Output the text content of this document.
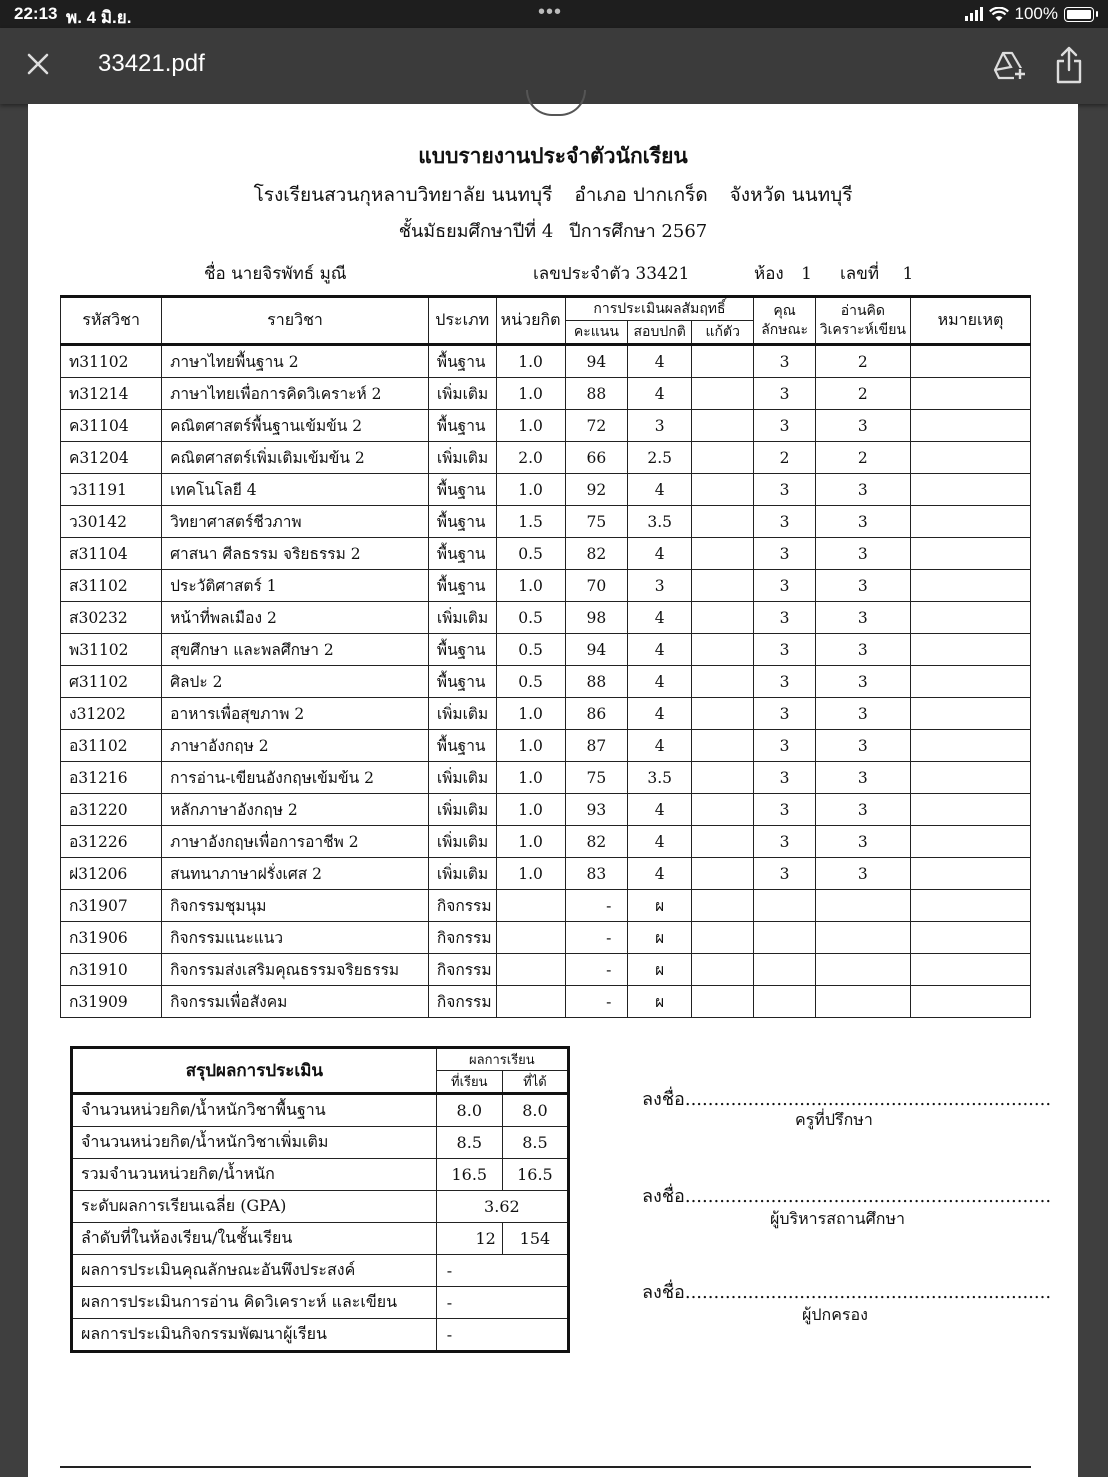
22:13 พ. 4 มิ.ย.	•••	100%
33421.pdf
แบบรายงานประจำตัวนักเรียน
โรงเรียนสวนกุหลาบวิทยาลัย นนทบุรี อำเภอ ปากเกร็ด จังหวัด นนทบุรี
ชั้นมัธยมศึกษาปีที่ 4 ปีการศึกษา 2567
ชื่อ นายจิรพัทธ์ มูณี	เลขประจำตัว 33421	ห้อง 1 เลขที่ 1
รหัสวิชา	รายวิชา	ประเภท	หน่วยกิต	การประเมินผลสัมฤทธิ์			คุณ
ลักษณะ	อ่านคิด
วิเคราะห์เขียน	หมายเหตุ
				คะแนน	สอบปกติ	แก้ตัว			
ท31102	ภาษาไทยพื้นฐาน 2	พื้นฐาน	1.0	94	4		3	2	
ท31214	ภาษาไทยเพื่อการคิดวิเคราะห์ 2	เพิ่มเติม	1.0	88	4		3	2	
ค31104	คณิตศาสตร์พื้นฐานเข้มข้น 2	พื้นฐาน	1.0	72	3		3	3	
ค31204	คณิตศาสตร์เพิ่มเติมเข้มข้น 2	เพิ่มเติม	2.0	66	2.5		2	2	
ว31191	เทคโนโลยี 4	พื้นฐาน	1.0	92	4		3	3	
ว30142	วิทยาศาสตร์ชีวภาพ	พื้นฐาน	1.5	75	3.5		3	3	
ส31104	ศาสนา ศีลธรรม จริยธรรม 2	พื้นฐาน	0.5	82	4		3	3	
ส31102	ประวัติศาสตร์ 1	พื้นฐาน	1.0	70	3		3	3	
ส30232	หน้าที่พลเมือง 2	เพิ่มเติม	0.5	98	4		3	3	
พ31102	สุขศึกษา และพลศึกษา 2	พื้นฐาน	0.5	94	4		3	3	
ศ31102	ศิลปะ 2	พื้นฐาน	0.5	88	4		3	3	
ง31202	อาหารเพื่อสุขภาพ 2	เพิ่มเติม	1.0	86	4		3	3	
อ31102	ภาษาอังกฤษ 2	พื้นฐาน	1.0	87	4		3	3	
อ31216	การอ่าน-เขียนอังกฤษเข้มข้น 2	เพิ่มเติม	1.0	75	3.5		3	3	
อ31220	หลักภาษาอังกฤษ 2	เพิ่มเติม	1.0	93	4		3	3	
อ31226	ภาษาอังกฤษเพื่อการอาชีพ 2	เพิ่มเติม	1.0	82	4		3	3	
ฝ31206	สนทนาภาษาฝรั่งเศส 2	เพิ่มเติม	1.0	83	4		3	3	
ก31907	กิจกรรมชุมนุม	กิจกรรม		-	ผ				
ก31906	กิจกรรมแนะแนว	กิจกรรม		-	ผ				
ก31910	กิจกรรมส่งเสริมคุณธรรมจริยธรรม	กิจกรรม		-	ผ				
ก31909	กิจกรรมเพื่อสังคม	กิจกรรม		-	ผ				
สรุปผลการประเมิน	ผลการเรียน	
	ที่เรียน	ที่ได้
จำนวนหน่วยกิต/น้ำหนักวิชาพื้นฐาน	8.0	8.0
จำนวนหน่วยกิต/น้ำหนักวิชาเพิ่มเติม	8.5	8.5
รวมจำนวนหน่วยกิต/น้ำหนัก	16.5	16.5
ระดับผลการเรียนเฉลี่ย (GPA)	3.62	
ลำดับที่ในห้องเรียน/ในชั้นเรียน	12	154
ผลการประเมินคุณลักษณะอันพึงประสงค์	-	
ผลการประเมินการอ่าน คิดวิเคราะห์ และเขียน	-	
ผลการประเมินกิจกรรมพัฒนาผู้เรียน	-	
ลงชื่อ................................................................
ครูที่ปรึกษา
ลงชื่อ................................................................
ผู้บริหารสถานศึกษา
ลงชื่อ................................................................
ผู้ปกครอง
